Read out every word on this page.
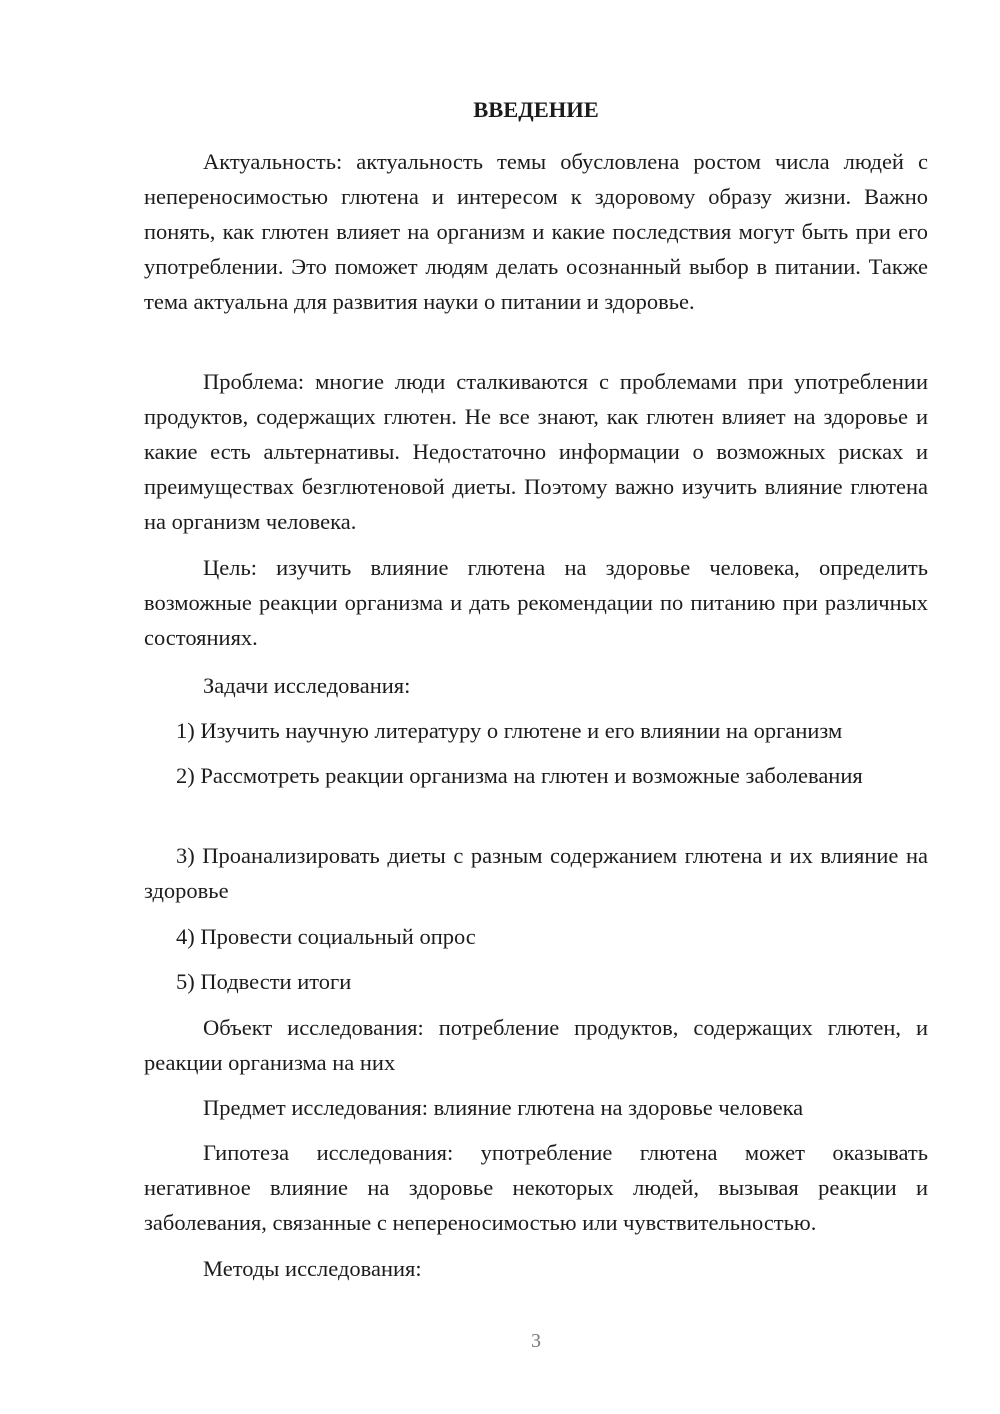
ВВЕДЕНИЕ

Актуальность: актуальность темы обусловлена ростом числа людей с непереносимостью глютена и интересом к здоровому образу жизни. Важно понять, как глютен влияет на организм и какие последствия могут быть при его употреблении. Это поможет людям делать осознанный выбор в питании. Также тема актуальна для развития науки о питании и здоровье.

Проблема: многие люди сталкиваются с проблемами при употреблении продуктов, содержащих глютен. Не все знают, как глютен влияет на здоровье и какие есть альтернативы. Недостаточно информации о возможных рисках и преимуществах безглютеновой диеты. Поэтому важно изучить влияние глютена на организм человека.

Цель: изучить влияние глютена на здоровье человека, определить возможные реакции организма и дать рекомендации по питанию при различных состояниях.

Задачи исследования:

1) Изучить научную литературу о глютене и его влиянии на организм

2) Рассмотреть реакции организма на глютен и возможные заболевания

3) Проанализировать диеты с разным содержанием глютена и их влияние на здоровье

4) Провести социальный опрос

5) Подвести итоги

Объект исследования: потребление продуктов, содержащих глютен, и реакции организма на них

Предмет исследования: влияние глютена на здоровье человека

Гипотеза исследования: употребление глютена может оказывать негативное влияние на здоровье некоторых людей, вызывая реакции и заболевания, связанные с непереносимостью или чувствительностью.

Методы исследования:

3
